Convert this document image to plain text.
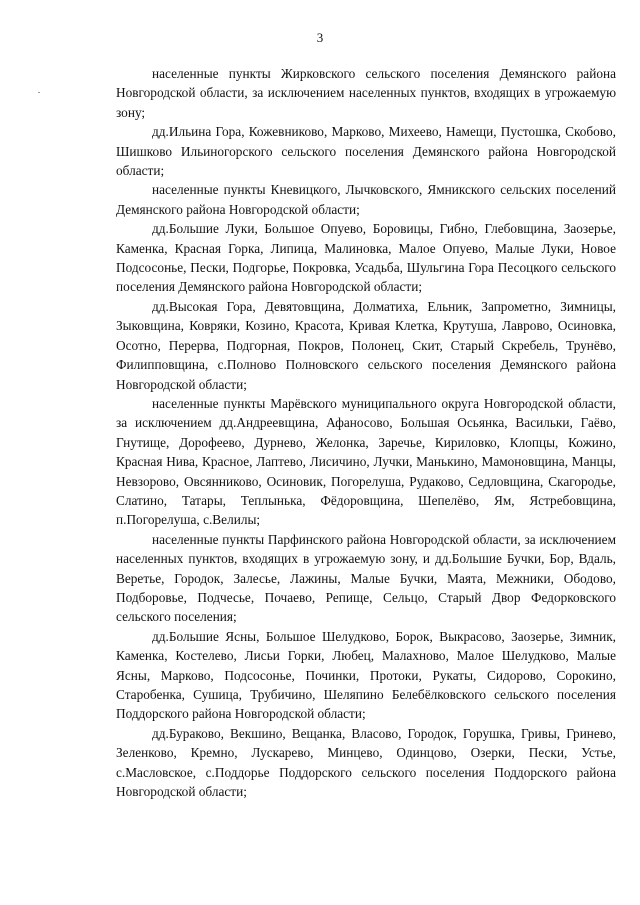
3

населенные пункты Жирковского сельского поселения Демянского района Новгородской области, за исключением населенных пунктов, входящих в угрожаемую зону;

дд.Ильина Гора, Кожевниково, Марково, Михеево, Намещи, Пустошка, Скобово, Шишково Ильиногорского сельского поселения Демянского района Новгородской области;

населенные пункты Кневицкого, Лычковского, Ямникского сельских поселений Демянского района Новгородской области;

дд.Большие Луки, Большое Опуево, Боровицы, Гибно, Глебовщина, Заозерье, Каменка, Красная Горка, Липица, Малиновка, Малое Опуево, Малые Луки, Новое Подсосонье, Пески, Подгорье, Покровка, Усадьба, Шульгина Гора Песоцкого сельского поселения Демянского района Новгородской области;

дд.Высокая Гора, Девятовщина, Долматиха, Ельник, Запрометно, Зимницы, Зыковщина, Ковряки, Козино, Красота, Кривая Клетка, Крутуша, Лаврово, Осиновка, Осотно, Перерва, Подгорная, Покров, Полонец, Скит, Старый Скребель, Трунёво, Филипповщина, с.Полново Полновского сельского поселения Демянского района Новгородской области;

населенные пункты Марёвского муниципального округа Новгородской области, за исключением дд.Андреевщина, Афаносово, Большая Осьянка, Васильки, Гаёво, Гнутище, Дорофеево, Дурнево, Желонка, Заречье, Кириловко, Клопцы, Кожино, Красная Нива, Красное, Лаптево, Лисичино, Лучки, Манькино, Мамоновщина, Манцы, Невзорово, Овсянниково, Осиновик, Погорелуша, Рудаково, Седловщина, Скагородье, Слатино, Татары, Теплынька, Фёдоровщина, Шепелёво, Ям, Ястребовщина, п.Погорелуша, с.Велилы;

населенные пункты Парфинского района Новгородской области, за исключением населенных пунктов, входящих в угрожаемую зону, и дд.Большие Бучки, Бор, Вдаль, Веретье, Городок, Залесье, Лажины, Малые Бучки, Маята, Межники, Ободово, Подборовье, Подчесье, Почаево, Репище, Сельцо, Старый Двор Федорковского сельского поселения;

дд.Большие Ясны, Большое Шелудково, Борок, Выкрасово, Заозерье, Зимник, Каменка, Костелево, Лисьи Горки, Любец, Малахново, Малое Шелудково, Малые Ясны, Марково, Подсосонье, Починки, Протоки, Рукаты, Сидорово, Сорокино, Старобенка, Сушица, Трубичино, Шеляпино Белебёлковского сельского поселения Поддорского района Новгородской области;

дд.Бураково, Векшино, Вещанка, Власово, Городок, Горушка, Гривы, Гринево, Зеленково, Кремно, Лускарево, Минцево, Одинцово, Озерки, Пески, Устье, с.Масловское, с.Поддорье Поддорского сельского поселения Поддорского района Новгородской области;
